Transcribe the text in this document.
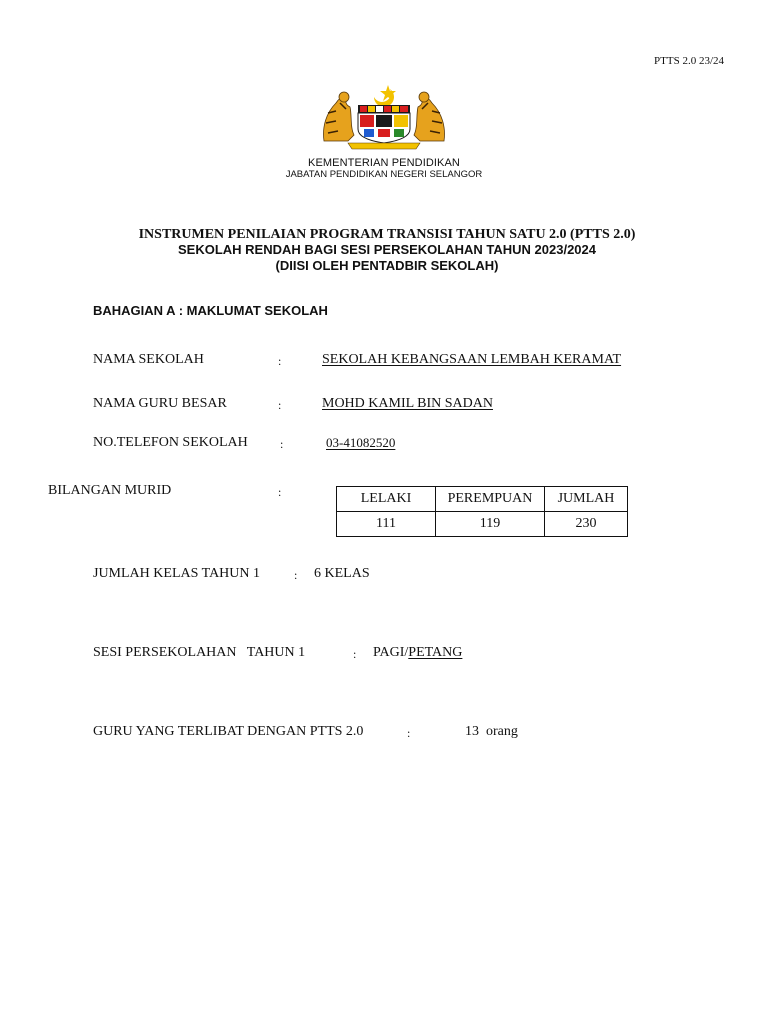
PTTS 2.0 23/24
KEMENTERIAN PENDIDIKAN
JABATAN PENDIDIKAN NEGERI SELANGOR
INSTRUMEN PENILAIAN PROGRAM TRANSISI TAHUN SATU 2.0 (PTTS 2.0)
SEKOLAH RENDAH BAGI SESI PERSEKOLAHAN TAHUN 2023/2024
(DIISI OLEH PENTADBIR SEKOLAH)
BAHAGIAN A : MAKLUMAT SEKOLAH
NAMA SEKOLAH	:	SEKOLAH KEBANGSAAN LEMBAH KERAMAT
NAMA GURU BESAR	:	MOHD KAMIL BIN SADAN
NO.TELEFON SEKOLAH	:	03-41082520
BILANGAN MURID	:	LELAKI	PEREMPUAN	JUMLAH
111	119	230
JUMLAH KELAS TAHUN 1	: 6 KELAS
SESI PERSEKOLAHAN   TAHUN 1	: PAGI/PETANG
GURU YANG TERLIBAT DENGAN PTTS 2.0	:	13  orang
